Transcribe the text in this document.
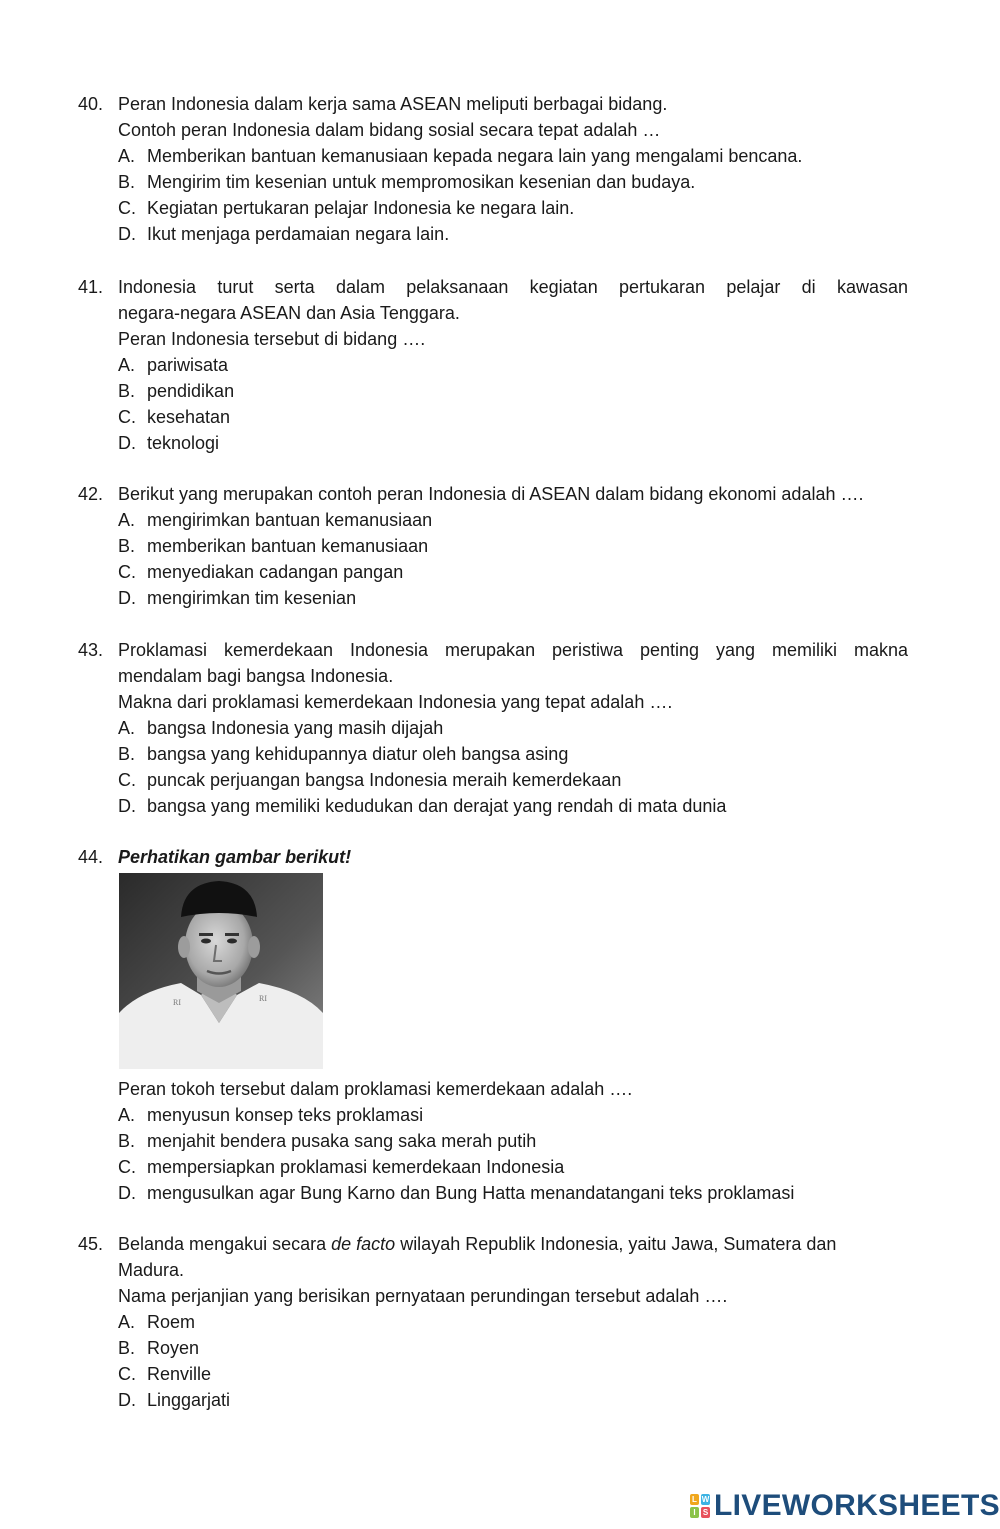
40. Peran Indonesia dalam kerja sama ASEAN meliputi berbagai bidang.
Contoh peran Indonesia dalam bidang sosial secara tepat adalah …
A. Memberikan bantuan kemanusiaan kepada negara lain yang mengalami bencana.
B. Mengirim tim kesenian untuk mempromosikan kesenian dan budaya.
C. Kegiatan pertukaran pelajar Indonesia ke negara lain.
D. Ikut menjaga perdamaian negara lain.
41. Indonesia turut serta dalam pelaksanaan kegiatan pertukaran pelajar di kawasan
negara-negara ASEAN dan Asia Tenggara.
Peran Indonesia tersebut di bidang ….
A. pariwisata
B. pendidikan
C. kesehatan
D. teknologi
42. Berikut yang merupakan contoh peran Indonesia di ASEAN dalam bidang ekonomi adalah ….
A. mengirimkan bantuan kemanusiaan
B. memberikan bantuan kemanusiaan
C. menyediakan cadangan pangan
D. mengirimkan tim kesenian
43. Proklamasi kemerdekaan Indonesia merupakan peristiwa penting yang memiliki makna
mendalam bagi bangsa Indonesia.
Makna dari proklamasi kemerdekaan Indonesia yang tepat adalah ….
A. bangsa Indonesia yang masih dijajah
B. bangsa yang kehidupannya diatur oleh bangsa asing
C. puncak perjuangan bangsa Indonesia meraih kemerdekaan
D. bangsa yang memiliki kedudukan dan derajat yang rendah di mata dunia
44. Perhatikan gambar berikut!
RI	RI
Peran tokoh tersebut dalam proklamasi kemerdekaan adalah ….
A. menyusun konsep teks proklamasi
B. menjahit bendera pusaka sang saka merah putih
C. mempersiapkan proklamasi kemerdekaan Indonesia
D. mengusulkan agar Bung Karno dan Bung Hatta menandatangani teks proklamasi
45. Belanda mengakui secara de facto wilayah Republik Indonesia, yaitu Jawa, Sumatera dan
Madura.
Nama perjanjian yang berisikan pernyataan perundingan tersebut adalah ….
A. Roem
B. Royen
C. Renville
D. Linggarjati
L W
I S LIVEWORKSHEETS
